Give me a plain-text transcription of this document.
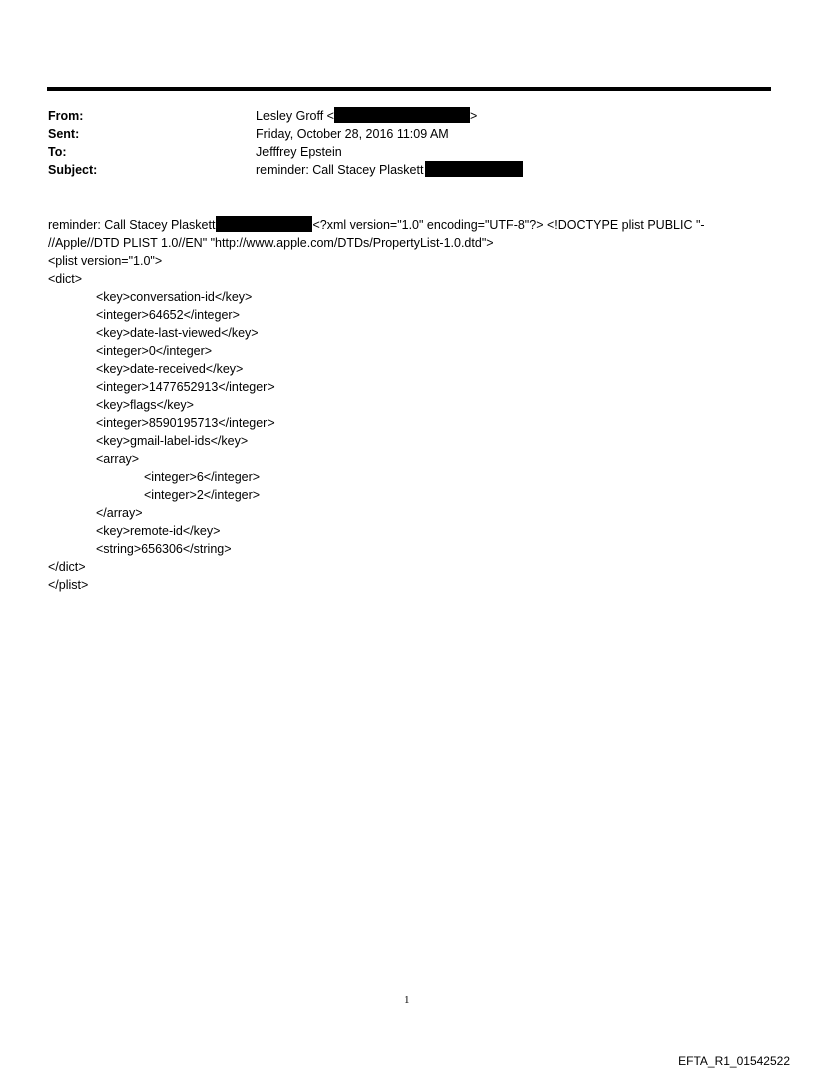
From:	Lesley Groff <	>
Sent:	Friday, October 28, 2016 11:09 AM
To:	Jefffrey Epstein
Subject:	reminder: Call Stacey Plaskett
reminder: Call Stacey Plaskett	<?xml version="1.0" encoding="UTF-8"?> <!DOCTYPE plist PUBLIC "-
//Apple//DTD PLIST 1.0//EN" "http://www.apple.com/DTDs/PropertyList-1.0.dtd">
<plist version="1.0">
<dict>
<key>conversation-id</key>
<integer>64652</integer>
<key>date-last-viewed</key>
<integer>0</integer>
<key>date-received</key>
<integer>1477652913</integer>
<key>flags</key>
<integer>8590195713</integer>
<key>gmail-label-ids</key>
<array>
<integer>6</integer>
<integer>2</integer>
</array>
<key>remote-id</key>
<string>656306</string>
</dict>
</plist>
1
EFTA_R1_01542522
